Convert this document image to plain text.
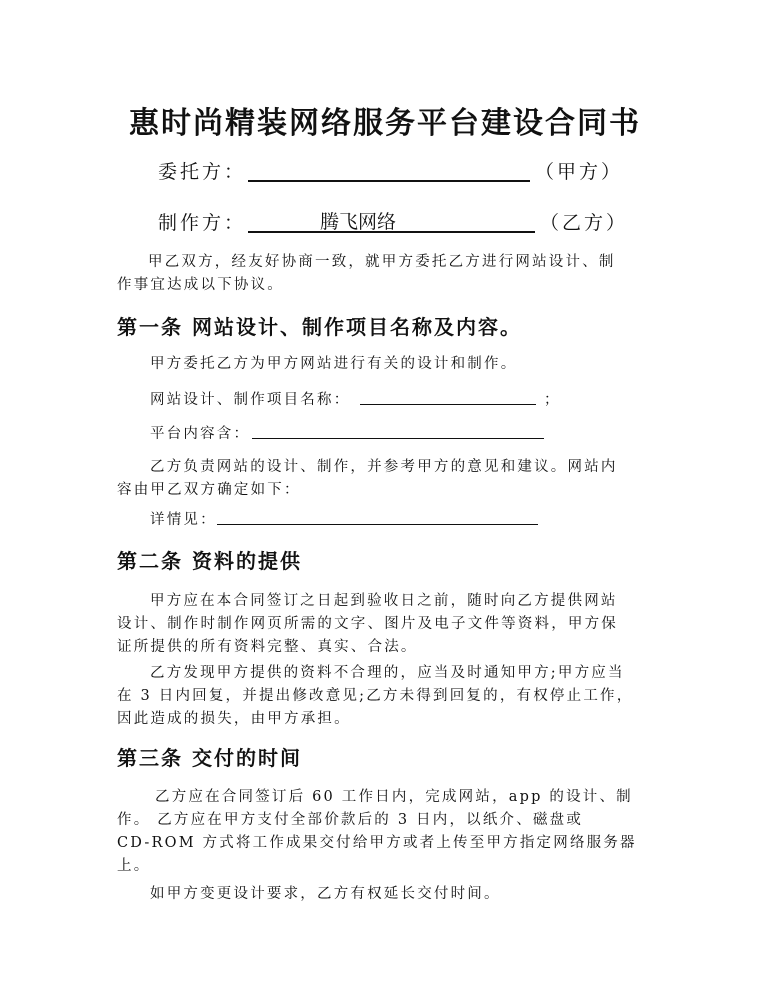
惠时尚精装网络服务平台建设合同书
委托方：	（甲方）
制作方：	腾飞网络	（乙方）
甲乙双方，经友好协商一致，就甲方委托乙方进行网站设计、制
作事宜达成以下协议。
第一条 网站设计、制作项目名称及内容。
甲方委托乙方为甲方网站进行有关的设计和制作。
网站设计、制作项目名称：	；
平台内容含：
乙方负责网站的设计、制作，并参考甲方的意见和建议。网站内
容由甲乙双方确定如下：
详情见：
第二条 资料的提供
甲方应在本合同签订之日起到验收日之前，随时向乙方提供网站
设计、制作时制作网页所需的文字、图片及电子文件等资料，甲方保
证所提供的所有资料完整、真实、合法。
乙方发现甲方提供的资料不合理的，应当及时通知甲方;甲方应当
在 3 日内回复，并提出修改意见;乙方未得到回复的，有权停止工作，
因此造成的损失，由甲方承担。
第三条 交付的时间
乙方应在合同签订后 60 工作日内，完成网站，app 的设计、制
作。 乙方应在甲方支付全部价款后的 3 日内，以纸介、磁盘或
CD-ROM 方式将工作成果交付给甲方或者上传至甲方指定网络服务器
上。
如甲方变更设计要求，乙方有权延长交付时间。
